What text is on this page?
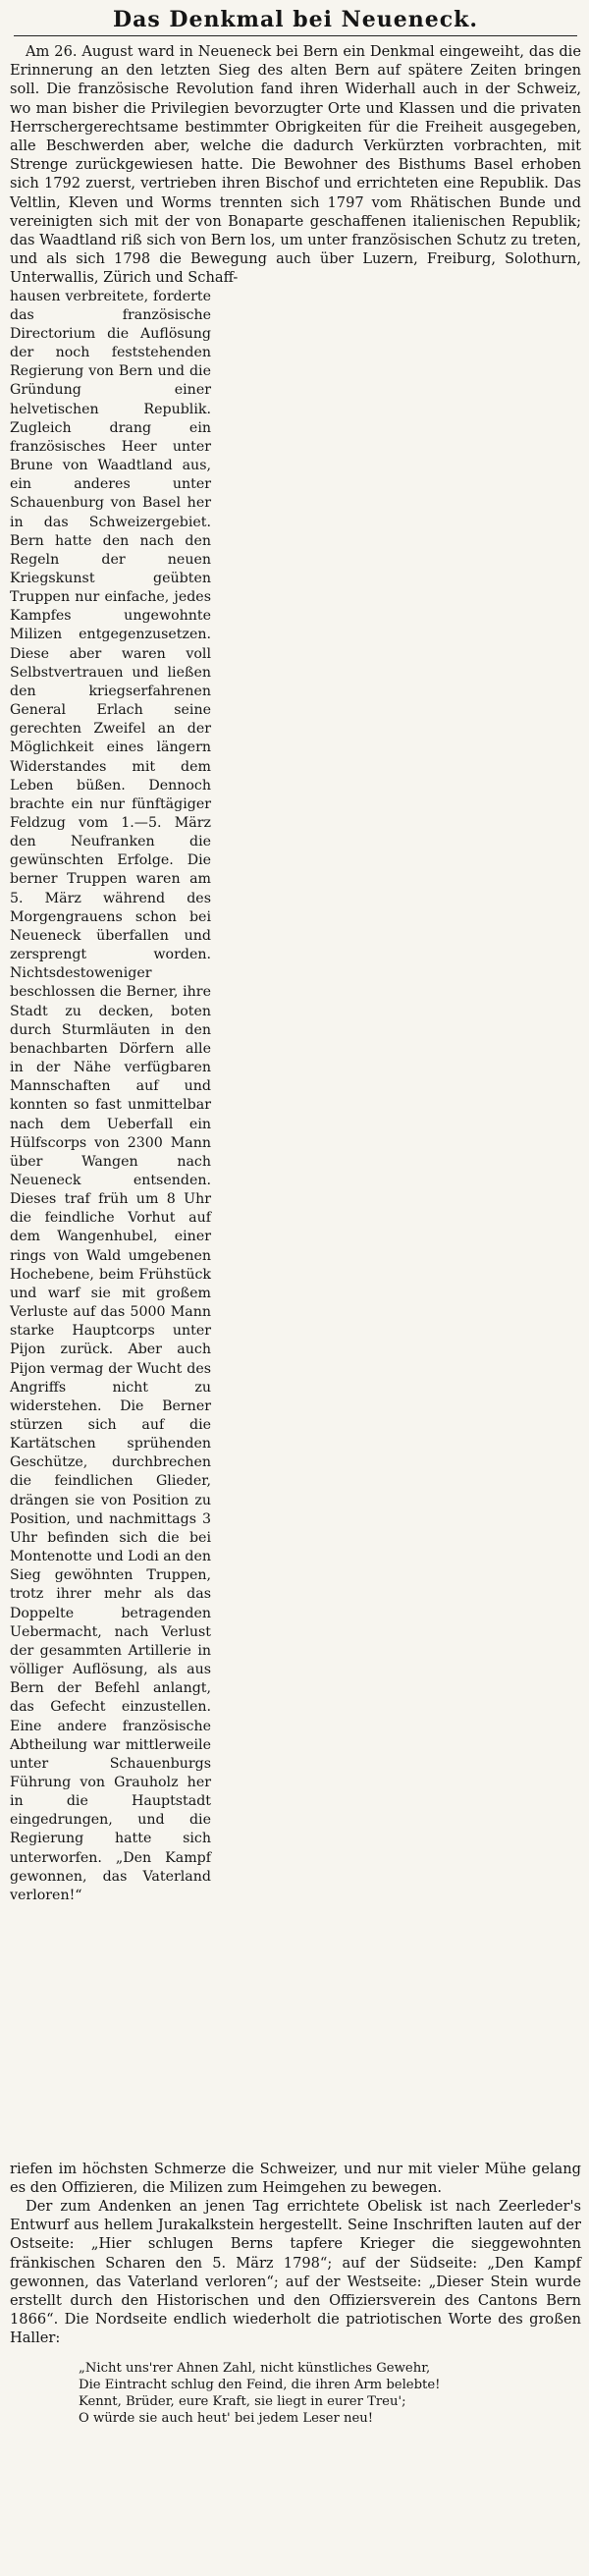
Das Denkmal bei Neueneck.

Am 26. August ward in Neueneck bei Bern ein Denkmal eingeweiht, das die Erinnerung an den letzten Sieg des alten Bern auf spätere Zeiten bringen soll. Die französische Revolution fand ihren Widerhall auch in der Schweiz, wo man bisher die Privilegien bevorzugter Orte und Klassen und die privaten Herrschergerechtsame bestimmter Obrigkeiten für die Freiheit ausgegeben, alle Beschwerden aber, welche die dadurch Verkürzten vorbrachten, mit Strenge zurückgewiesen hatte. Die Bewohner des Bisthums Basel erhoben sich 1792 zuerst, vertrieben ihren Bischof und errichteten eine Republik. Das Veltlin, Kleven und Worms trennten sich 1797 vom Rhätischen Bunde und vereinigten sich mit der von Bonaparte geschaffenen italienischen Republik; das Waadtland riß sich von Bern los, um unter französischen Schutz zu treten, und als sich 1798 die Bewegung auch über Luzern, Freiburg, Solothurn, Unterwallis, Zürich und Schaff-

hausen verbreitete, forderte das französische Directorium die Auflösung der noch feststehenden Regierung von Bern und die Gründung einer helvetischen Republik. Zugleich drang ein französisches Heer unter Brune von Waadtland aus, ein anderes unter Schauenburg von Basel her in das Schweizergebiet. Bern hatte den nach den Regeln der neuen Kriegskunst geübten Truppen nur einfache, jedes Kampfes ungewohnte Milizen entgegenzusetzen. Diese aber waren voll Selbstvertrauen und ließen den kriegserfahrenen General Erlach seine gerechten Zweifel an der Möglichkeit eines längern Widerstandes mit dem Leben büßen. Dennoch brachte ein nur fünftägiger Feldzug vom 1.—5. März den Neufranken die gewünschten Erfolge. Die berner Truppen waren am 5. März während des Morgengrauens schon bei Neueneck überfallen und zersprengt worden. Nichtsdestoweniger beschlossen die Berner, ihre Stadt zu decken, boten durch Sturmläuten in den benachbarten Dörfern alle in der Nähe verfügbaren Mannschaften auf und konnten so fast unmittelbar nach dem Ueberfall ein Hülfscorps von 2300 Mann über Wangen nach Neueneck entsenden. Dieses traf früh um 8 Uhr die feindliche Vorhut auf dem Wangenhubel, einer rings von Wald umgebenen Hochebene, beim Frühstück und warf sie mit großem Verluste auf das 5000 Mann starke Hauptcorps unter Pijon zurück. Aber auch Pijon vermag der Wucht des Angriffs nicht zu widerstehen. Die Berner stürzen sich auf die Kartätschen sprühenden Geschütze, durchbrechen die feindlichen Glieder, drängen sie von Position zu Position, und nachmittags 3 Uhr befinden sich die bei Montenotte und Lodi an den Sieg gewöhnten Truppen, trotz ihrer mehr als das Doppelte betragenden Uebermacht, nach Verlust der gesammten Artillerie in völliger Auflösung, als aus Bern der Befehl anlangt, das Gefecht einzustellen. Eine andere französische Abtheilung war mittlerweile unter Schauenburgs Führung von Grauholz her in die Hauptstadt eingedrungen, und die Regierung hatte sich unterworfen. „Den Kampf gewonnen, das Vaterland verloren!“

riefen im höchsten Schmerze die Schweizer, und nur mit vieler Mühe gelang es den Offizieren, die Milizen zum Heimgehen zu bewegen.

Der zum Andenken an jenen Tag errichtete Obelisk ist nach Zeerleder's Entwurf aus hellem Jurakalkstein hergestellt. Seine Inschriften lauten auf der Ostseite: „Hier schlugen Berns tapfere Krieger die sieggewohnten fränkischen Scharen den 5. März 1798“; auf der Südseite: „Den Kampf gewonnen, das Vaterland verloren“; auf der Westseite: „Dieser Stein wurde erstellt durch den Historischen und den Offiziersverein des Cantons Bern 1866“. Die Nordseite endlich wiederholt die patriotischen Worte des großen Haller:

„Nicht uns'rer Ahnen Zahl, nicht künstliches Gewehr,
Die Eintracht schlug den Feind, die ihren Arm belebte!
Kennt, Brüder, eure Kraft, sie liegt in eurer Treu';
O würde sie auch heut' bei jedem Leser neu!
